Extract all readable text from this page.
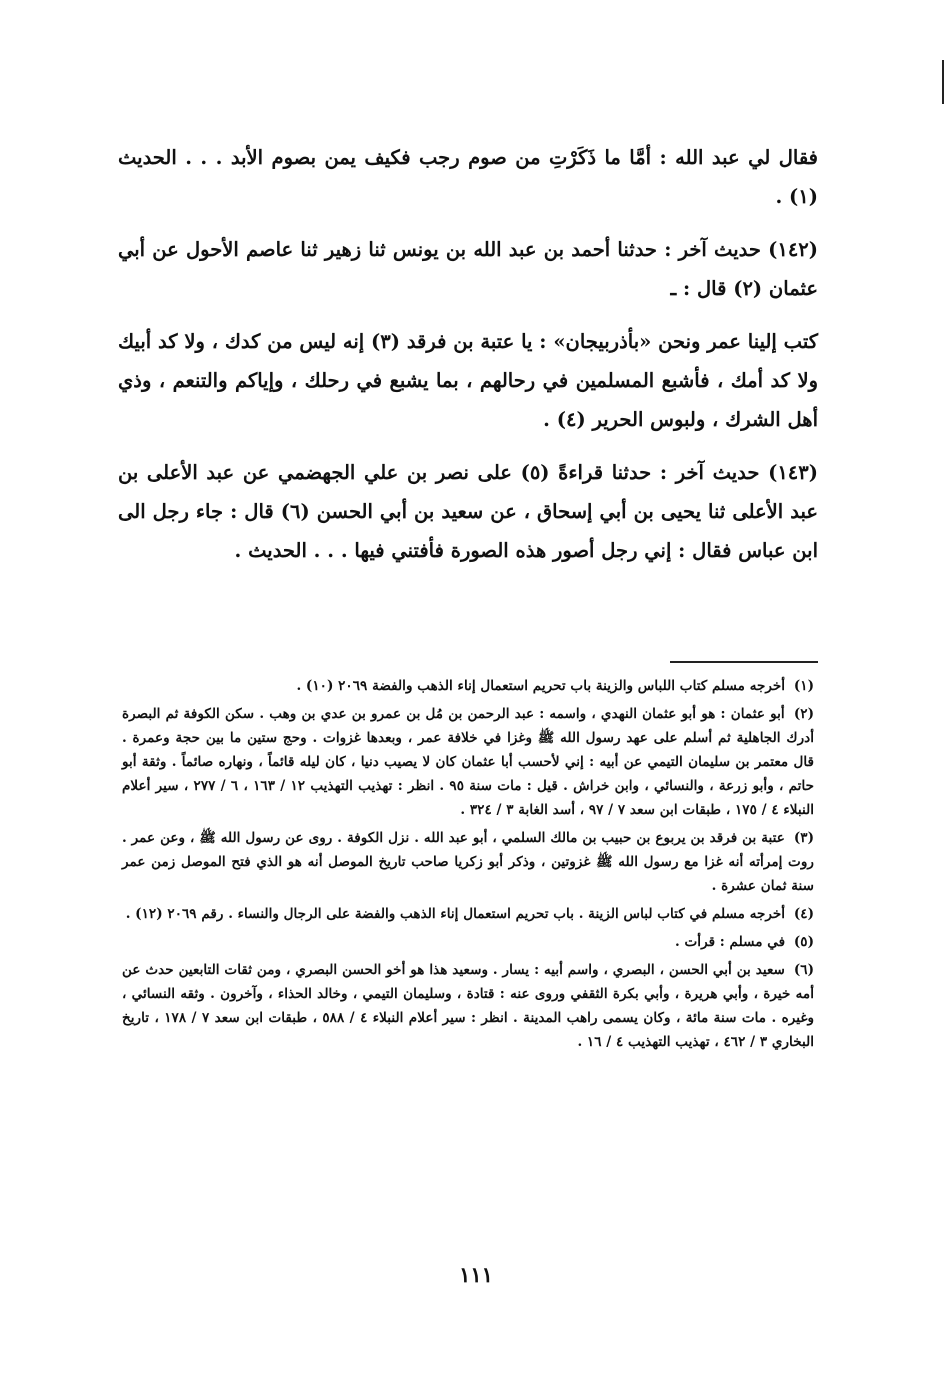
فقال لي عبد الله : أمَّا ما ذَكَرْتِ من صوم رجب فكيف يمن بصوم الأبد . . . الحديث (١) .

(١٤٢) حديث آخر : حدثنا أحمد بن عبد الله بن يونس ثنا زهير ثنا عاصم الأحول عن أبي عثمان (٢) قال : ـ

كتب إلينا عمر ونحن «بأذربيجان» : يا عتبة بن فرقد (٣) إنه ليس من كدك ، ولا كد أبيك ولا كد أمك ، فأشبع المسلمين في رحالهم ، بما يشبع في رحلك ، وإياكم والتنعم ، وذي أهل الشرك ، ولبوس الحرير (٤) .

(١٤٣) حديث آخر : حدثنا قراءةً (٥) على نصر بن علي الجهضمي عن عبد الأعلى بن عبد الأعلى ثنا يحيى بن أبي إسحاق ، عن سعيد بن أبي الحسن (٦) قال : جاء رجل الى ابن عباس فقال : إني رجل أصور هذه الصورة فأفتني فيها . . . الحديث .

(١) أخرجه مسلم كتاب اللباس والزينة باب تحريم استعمال إناء الذهب والفضة ٢٠٦٩ (١٠) .

(٢) أبو عثمان : هو أبو عثمان النهدي ، واسمه : عبد الرحمن بن مُل بن عمرو بن عدي بن وهب . سكن الكوفة ثم البصرة أدرك الجاهلية ثم أسلم على عهد رسول الله ﷺ وغزا في خلافة عمر ، وبعدها غزوات . وحج ستين ما بين حجة وعمرة . قال معتمر بن سليمان التيمي عن أبيه : إني لأحسب أبا عثمان كان لا يصيب دنيا ، كان ليله قائماً ، ونهاره صائماً . وثقة أبو حاتم ، وأبو زرعة ، والنسائي ، وابن خراش . قيل : مات سنة ٩٥ . انظر : تهذيب التهذيب ١٢ / ١٦٣ ، ٦ / ٢٧٧ ، سير أعلام النبلاء ٤ / ١٧٥ ، طبقات ابن سعد ٧ / ٩٧ ، أسد الغابة ٣ / ٣٢٤ .

(٣) عتبة بن فرقد بن يربوع بن حبيب بن مالك السلمي ، أبو عبد الله . نزل الكوفة . روى عن رسول الله ﷺ ، وعن عمر . روت إمرأته أنه غزا مع رسول الله ﷺ غزوتين ، وذكر أبو زكريا صاحب تاريخ الموصل أنه هو الذي فتح الموصل زمن عمر سنة ثمان عشرة .

(٤) أخرجه مسلم في كتاب لباس الزينة . باب تحريم استعمال إناء الذهب والفضة على الرجال والنساء . رقم ٢٠٦٩ (١٢) .

(٥) في مسلم : قرأت .

(٦) سعيد بن أبي الحسن ، البصري ، واسم أبيه : يسار . وسعيد هذا هو أخو الحسن البصري ، ومن ثقات التابعين حدث عن أمه خيرة ، وأبي هريرة ، وأبي بكرة الثقفي وروى عنه : قتادة ، وسليمان التيمي ، وخالد الحذاء ، وآخرون . وثقه النسائي ، وغيره . مات سنة مائة ، وكان يسمى راهب المدينة . انظر : سير أعلام النبلاء ٤ / ٥٨٨ ، طبقات ابن سعد ٧ / ١٧٨ ، تاريخ البخاري ٣ / ٤٦٢ ، تهذيب التهذيب ٤ / ١٦ .

١١١
